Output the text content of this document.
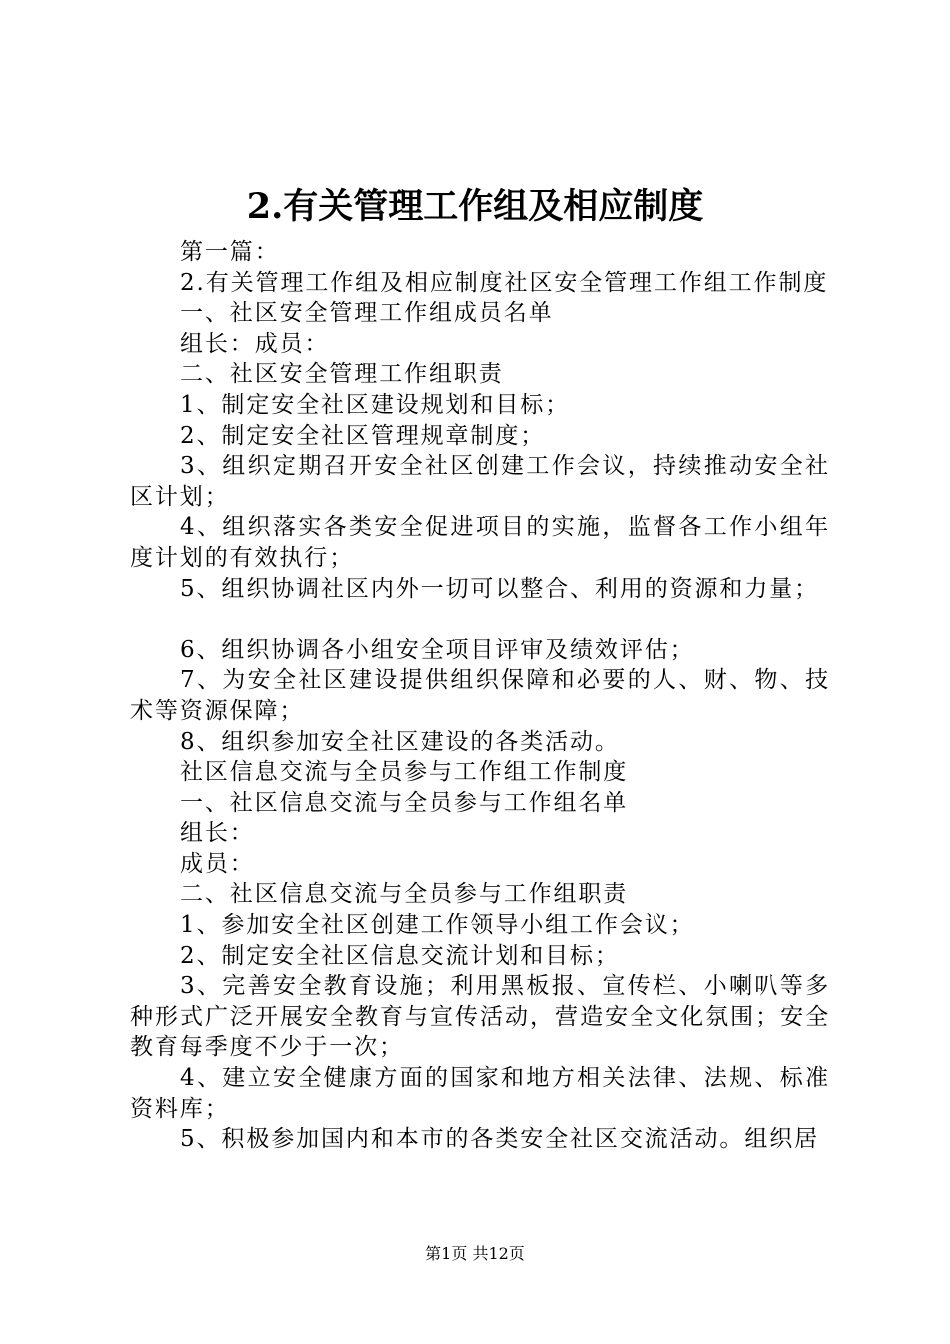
2.有关管理工作组及相应制度

第一篇：

2.有关管理工作组及相应制度社区安全管理工作组工作制度

一、社区安全管理工作组成员名单

组长：成员：

二、社区安全管理工作组职责

1、制定安全社区建设规划和目标；

2、制定安全社区管理规章制度；

3、组织定期召开安全社区创建工作会议，持续推动安全社区计划；

4、组织落实各类安全促进项目的实施，监督各工作小组年度计划的有效执行；

5、组织协调社区内外一切可以整合、利用的资源和力量；

6、组织协调各小组安全项目评审及绩效评估；

7、为安全社区建设提供组织保障和必要的人、财、物、技术等资源保障；

8、组织参加安全社区建设的各类活动。

社区信息交流与全员参与工作组工作制度

一、社区信息交流与全员参与工作组名单

组长：

成员：

二、社区信息交流与全员参与工作组职责

1、参加安全社区创建工作领导小组工作会议；

2、制定安全社区信息交流计划和目标；

3、完善安全教育设施；利用黑板报、宣传栏、小喇叭等多种形式广泛开展安全教育与宣传活动，营造安全文化氛围；安全教育每季度不少于一次；

4、建立安全健康方面的国家和地方相关法律、法规、标准资料库；

5、积极参加国内和本市的各类安全社区交流活动。组织居

第1页 共12页
